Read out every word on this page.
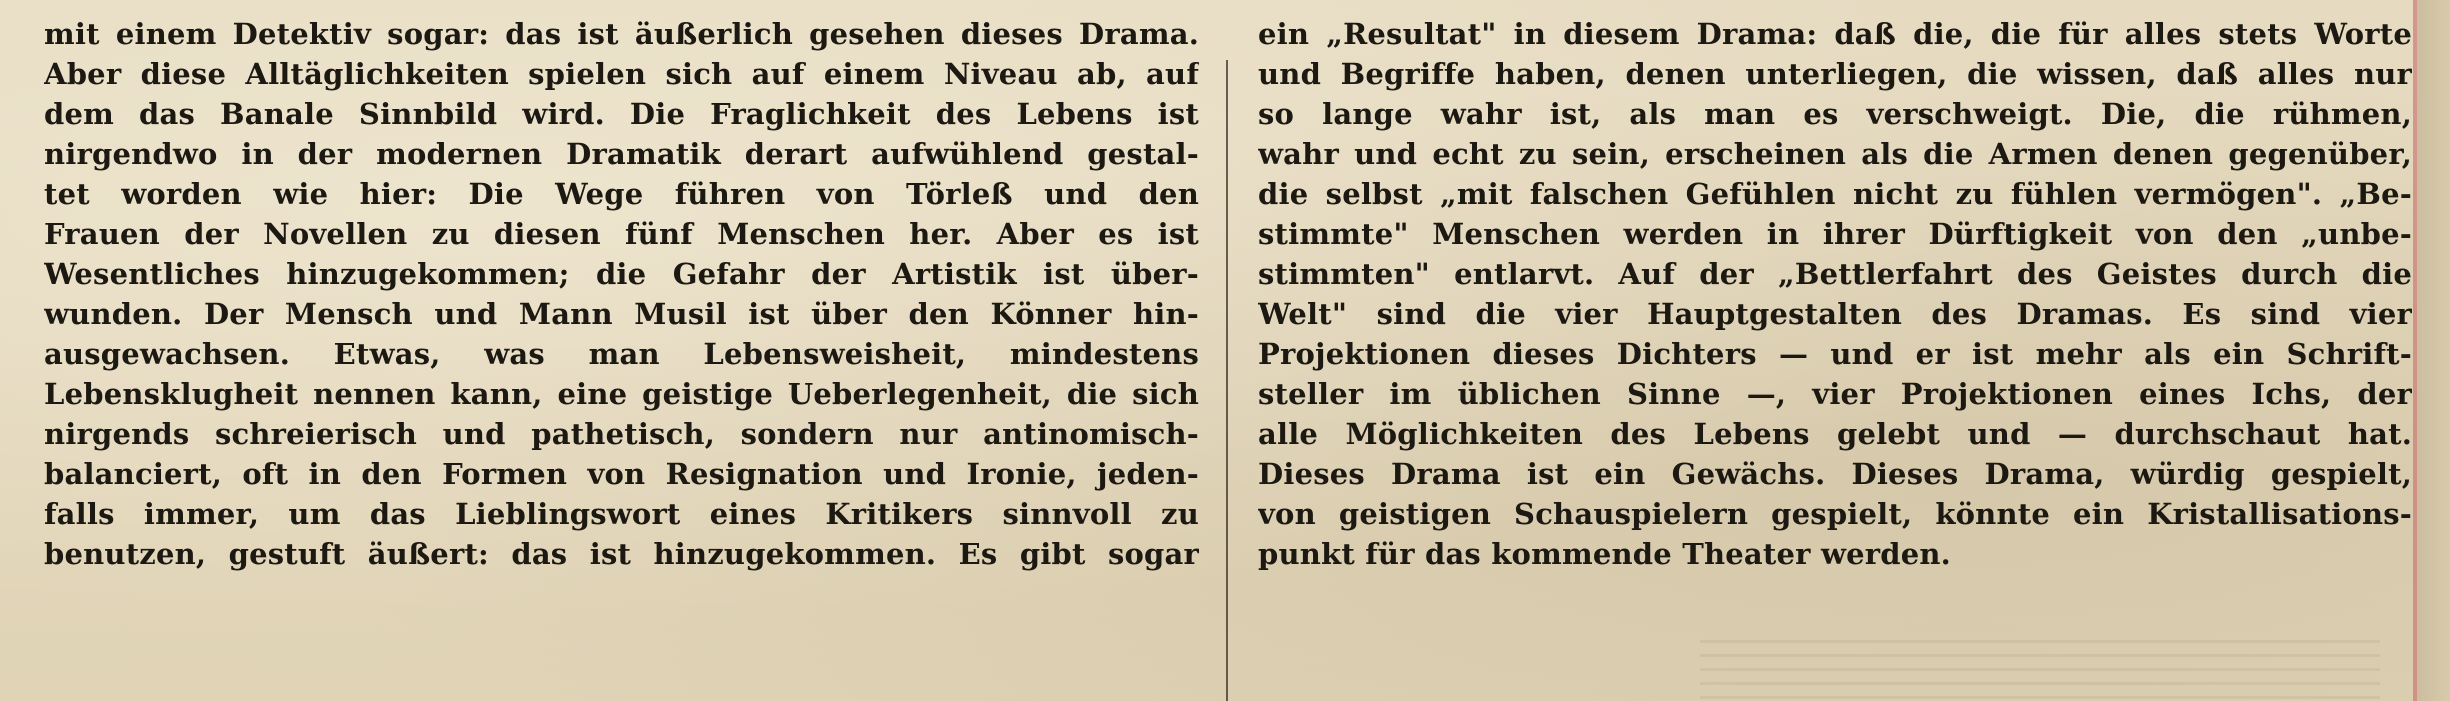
mit einem Detektiv sogar: das ist äußerlich gesehen dieses Drama.
Aber diese Alltäglichkeiten spielen sich auf einem Niveau ab, auf
dem das Banale Sinnbild wird. Die Fraglichkeit des Lebens ist
nirgendwo in der modernen Dramatik derart aufwühlend gestal-
tet worden wie hier: Die Wege führen von Törleß und den
Frauen der Novellen zu diesen fünf Menschen her. Aber es ist
Wesentliches hinzugekommen; die Gefahr der Artistik ist über-
wunden. Der Mensch und Mann Musil ist über den Könner hin-
ausgewachsen. Etwas, was man Lebensweisheit, mindestens
Lebensklugheit nennen kann, eine geistige Ueberlegenheit, die sich
nirgends schreierisch und pathetisch, sondern nur antinomisch-
balanciert, oft in den Formen von Resignation und Ironie, jeden-
falls immer, um das Lieblingswort eines Kritikers sinnvoll zu
benutzen, gestuft äußert: das ist hinzugekommen. Es gibt sogar
ein „Resultat" in diesem Drama: daß die, die für alles stets Worte
und Begriffe haben, denen unterliegen, die wissen, daß alles nur
so lange wahr ist, als man es verschweigt. Die, die rühmen,
wahr und echt zu sein, erscheinen als die Armen denen gegenüber,
die selbst „mit falschen Gefühlen nicht zu fühlen vermögen". „Be-
stimmte" Menschen werden in ihrer Dürftigkeit von den „unbe-
stimmten" entlarvt. Auf der „Bettlerfahrt des Geistes durch die
Welt" sind die vier Hauptgestalten des Dramas. Es sind vier
Projektionen dieses Dichters — und er ist mehr als ein Schrift-
steller im üblichen Sinne —, vier Projektionen eines Ichs, der
alle Möglichkeiten des Lebens gelebt und — durchschaut hat.
Dieses Drama ist ein Gewächs. Dieses Drama, würdig gespielt,
von geistigen Schauspielern gespielt, könnte ein Kristallisations-
punkt für das kommende Theater werden.
